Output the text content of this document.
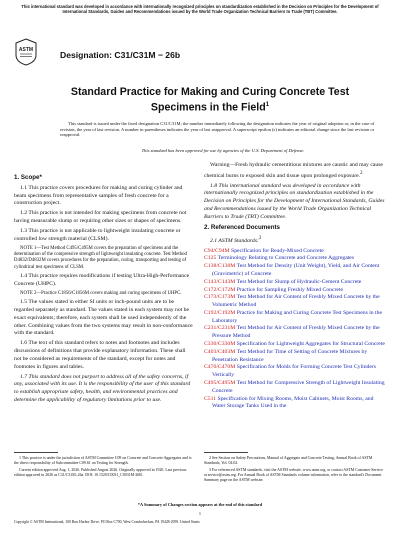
This international standard was developed in accordance with internationally recognized principles on standardization established in the Decision on Principles for the Development of International Standards, Guides and Recommendations issued by the World Trade Organization Technical Barriers to Trade (TBT) Committee.
ASTM	Designation: C31/C31M − 26b
Standard Practice for Making and Curing Concrete Test Specimens in the Field$^1$

This standard is issued under the fixed designation C31/C31M; the number immediately following the designation indicates the year of original adoption or, in the case of revision, the year of last revision. A number in parentheses indicates the year of last reapproval. A superscript epsilon (ε) indicates an editorial change since the last revision or reapproval.

This standard has been approved for use by agencies of the U.S. Department of Defense.

1. Scope*

1.1 This practice covers procedures for making and curing cylinder and beam specimens from representative samples of fresh concrete for a construction project.

1.2 This practice is not intended for making specimens from concrete not having measurable slump or requiring other sizes or shapes of specimens.

1.3 This practice is not applicable to lightweight insulating concrete or controlled low strength material (CLSM).

NOTE 1—Test Method C495/C495M covers the preparation of specimens and the determination of the compressive strength of lightweight insulating concrete. Test Method D4832/D4832M covers procedures for the preparation, curing, transporting and testing of cylindrical test specimens of CLSM.

1.4 This practice requires modifications if testing Ultra-High-Performance Concrete (UHPC).

NOTE 2—Practice C1856/C1856M covers making and curing specimens of UHPC.

1.5 The values stated in either SI units or inch-pound units are to be regarded separately as standard. The values stated in each system may not be exact equivalents; therefore, each system shall be used independently of the other. Combining values from the two systems may result in non-conformance with the standard.

1.6 The text of this standard refers to notes and footnotes and includes discussions of definitions that provide explanatory information. These shall not be considered as requirements of the standard, except for notes and footnotes in figures and tables.

1.7 This standard does not purport to address all of the safety concerns, if any, associated with its use. It is the responsibility of the user of this standard to establish appropriate safety, health, and environmental practices and determine the applicability of regulatory limitations prior to use.

Warning—Fresh hydraulic cementitious mixtures are caustic and may cause chemical burns to exposed skin and tissue upon prolonged exposure.$^2$

1.8 This international standard was developed in accordance with internationally recognized principles on standardization established in the Decision on Principles for the Development of International Standards, Guides and Recommendations issued by the World Trade Organization Technical Barriers to Trade (TBT) Committee.

2. Referenced Documents

2.1 ASTM Standards:$^3$

C94/C94M Specification for Ready-Mixed Concrete

C125 Terminology Relating to Concrete and Concrete Aggregates

C138/C138M Test Method for Density (Unit Weight), Yield, and Air Content (Gravimetric) of Concrete

C143/C143M Test Method for Slump of Hydraulic-Cement Concrete

C172/C172M Practice for Sampling Freshly Mixed Concrete

C173/C173M Test Method for Air Content of Freshly Mixed Concrete by the Volumetric Method

C192/C192M Practice for Making and Curing Concrete Test Specimens in the Laboratory

C231/C231M Test Method for Air Content of Freshly Mixed Concrete by the Pressure Method

C330/C330M Specification for Lightweight Aggregates for Structural Concrete

C403/C403M Test Method for Time of Setting of Concrete Mixtures by Penetration Resistance

C470/C470M Specification for Molds for Forming Concrete Test Cylinders Vertically

C495/C495M Test Method for Compressive Strength of Lightweight Insulating Concrete

C511 Specification for Mixing Rooms, Moist Cabinets, Moist Rooms, and Water Storage Tanks Used in the

1 This practice is under the jurisdiction of ASTM Committee C09 on Concrete and Concrete Aggregates and is the direct responsibility of Subcommittee C09.61 on Testing for Strength.

Current edition approved Aug. 1, 2026. Published August 2026. Originally approved in 1920. Last previous edition approved in 2026 as C31/C31M–26a. DOI: 10.1520/C0031_C0031M-26B.

2 See Section on Safety Precautions, Manual of Aggregate and Concrete Testing, Annual Book of ASTM Standards, Vol. 04.02.

3 For referenced ASTM standards, visit the ASTM website, www.astm.org, or contact ASTM Customer Service at service@astm.org. For Annual Book of ASTM Standards volume information, refer to the standard's Document Summary page on the ASTM website.

*A Summary of Changes section appears at the end of this standard
1
Copyright © ASTM International, 100 Barr Harbor Drive, PO Box C700, West Conshohocken, PA 19428-2959. United States
